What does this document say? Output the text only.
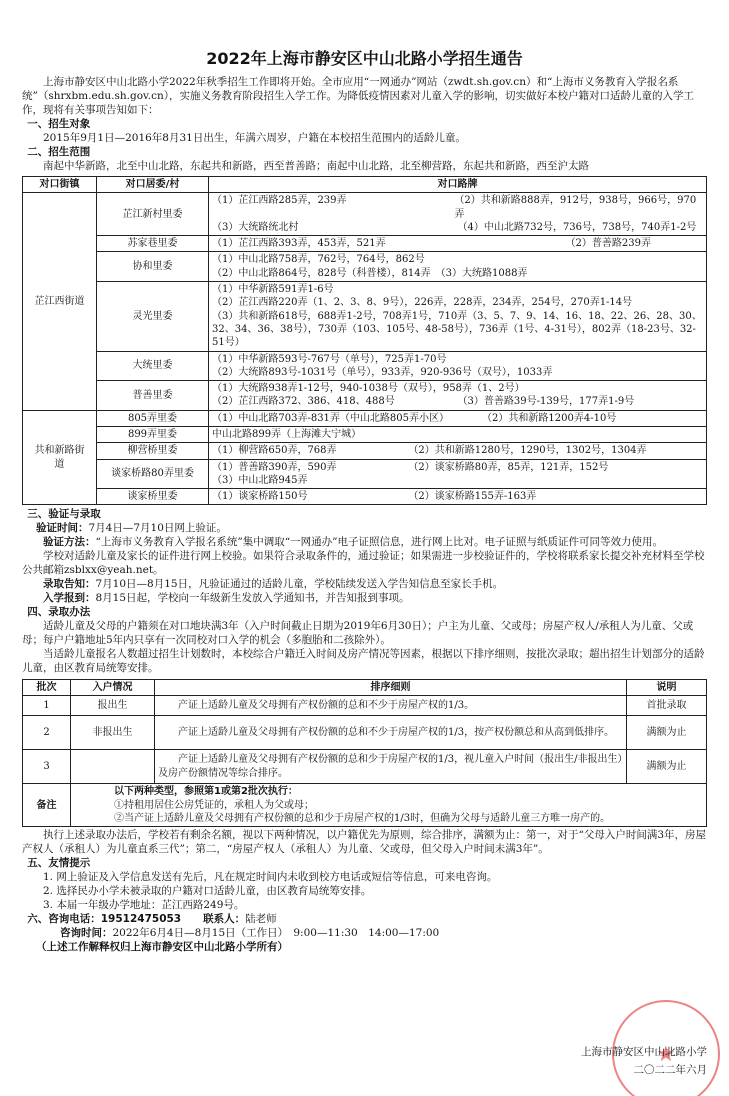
2022年上海市静安区中山北路小学招生通告

上海市静安区中山北路小学2022年秋季招生工作即将开始。全市应用“一网通办”网站（zwdt.sh.gov.cn）和“上海市义务教育入学报名系统”（shrxbm.edu.sh.gov.cn），实施义务教育阶段招生入学工作。为降低疫情因素对儿童入学的影响，切实做好本校户籍对口适龄儿童的入学工作，现将有关事项告知如下：

一、招生对象

2015年9月1日—2016年8月31日出生，年满六周岁，户籍在本校招生范围内的适龄儿童。

二、招生范围

南起中华新路，北至中山北路，东起共和新路，西至普善路；南起中山北路，北至柳营路，东起共和新路，西至沪太路

对口街镇	对口居委/村	对口路牌
芷江西街道	芷江新村里委	（1）芷江西路285弄，239弄 （2）共和新路888弄，912号，938号，966号，970弄
（3）大统路统北村 （4）中山北路732号，736号，738号，740弄1-2号

	苏家巷里委	（1）芷江西路393弄，453弄，521弄 （2）普善路239弄

	协和里委	（1）中山北路758弄，762号，764号，862号
（2）中山北路864号，828号（科普楼），814弄　（3）大统路1088弄

	灵光里委	（1）中华新路591弄1-6号
（2）芷江西路220弄（1、2、3、8、9号），226弄，228弄，234弄，254号，270弄1-14号
（3）共和新路618号，688弄1-2号，708弄1号，710弄（3、5、7、9、14、16、18、22、26、28、30、32、34、36、38号），730弄（103、105号、48-58号），736弄（1号、4-31号），802弄（18-23号、32-51号）

	大统里委	（1）中华新路593号-767号（单号），725弄1-70号
（2）大统路893号-1031号（单号），933弄，920-936号（双号），1033弄

	普善里委	（1）大统路938弄1-12号，940-1038号（双号），958弄（1、2号）
（2）芷江西路372、386、418、488号 （3）普善路39号-139号，177弄1-9号

共和新路街道	805弄里委	（1）中山北路703弄-831弄（中山北路805弄小区） （2）共和新路1200弄4-10号

	899弄里委	中山北路899弄（上海滩大宁城）

	柳营桥里委	（1）柳营路650弄，768弄 （2）共和新路1280号，1290号，1302号，1304弄

	谈家桥路80弄里委	（1）普善路390弄，590弄 （2）谈家桥路80弄，85弄，121弄，152号
（3）中山北路945弄

	谈家桥里委	（1）谈家桥路150号 （2）谈家桥路155弄-163弄
三、验证与录取

验证时间：7月4日—7月10日网上验证。

验证方法：“上海市义务教育入学报名系统”集中调取“一网通办”电子证照信息，进行网上比对。电子证照与纸质证件可同等效力使用。

学校对适龄儿童及家长的证件进行网上校验。如果符合录取条件的，通过验证；如果需进一步校验证件的，学校将联系家长提交补充材料至学校公共邮箱zsblxx@yeah.net。

录取告知：7月10日—8月15日，凡验证通过的适龄儿童，学校陆续发送入学告知信息至家长手机。

入学报到：8月15日起，学校向一年级新生发放入学通知书，并告知报到事项。

四、录取办法

适龄儿童及父母的户籍须在对口地块满3年（入户时间截止日期为2019年6月30日）；户主为儿童、父或母；房屋产权人/承租人为儿童、父或母；每户户籍地址5年内只享有一次同校对口入学的机会（多胞胎和二孩除外）。

当适龄儿童报名人数超过招生计划数时，本校综合户籍迁入时间及房产情况等因素，根据以下排序细则，按批次录取；超出招生计划部分的适龄儿童，由区教育局统筹安排。

批次	入户情况	排序细则	说明
1	报出生	产证上适龄儿童及父母拥有产权份额的总和不少于房屋产权的1/3。	首批录取
2	非报出生	产证上适龄儿童及父母拥有产权份额的总和不少于房屋产权的1/3，按产权份额总和从高到低排序。	满额为止
3		产证上适龄儿童及父母拥有产权份额的总和少于房屋产权的1/3，视儿童入户时间（报出生/非报出生）及房产份额情况等综合排序。	满额为止
备注	以下两种类型，参照第1或第2批次执行：
①持租用居住公房凭证的，承租人为父或母；
②当产证上适龄儿童及父母拥有产权份额的总和少于房屋产权的1/3时，但确为父母与适龄儿童三方唯一房产的。		

执行上述录取办法后，学校若有剩余名额，视以下两种情况，以户籍优先为原则，综合排序，满额为止：第一，对于“父母入户时间满3年，房屋产权人（承租人）为儿童直系三代”；第二，“房屋产权人（承租人）为儿童、父或母，但父母入户时间未满3年”。

五、友情提示

1. 网上验证及入学信息发送有先后，凡在规定时间内未收到校方电话或短信等信息，可来电咨询。

2. 选择民办小学未被录取的户籍对口适龄儿童，由区教育局统筹安排。

3. 本届一年级办学地址：芷江西路249号。

六、咨询电话：19512475053 联系人：陆老师

咨询时间：2022年6月4日—8月15日（工作日）　9:00—11:30　14:00—17:00

（上述工作解释权归上海市静安区中山北路小学所有）
★
上海市静安区中山北路小学
二〇二二年六月
